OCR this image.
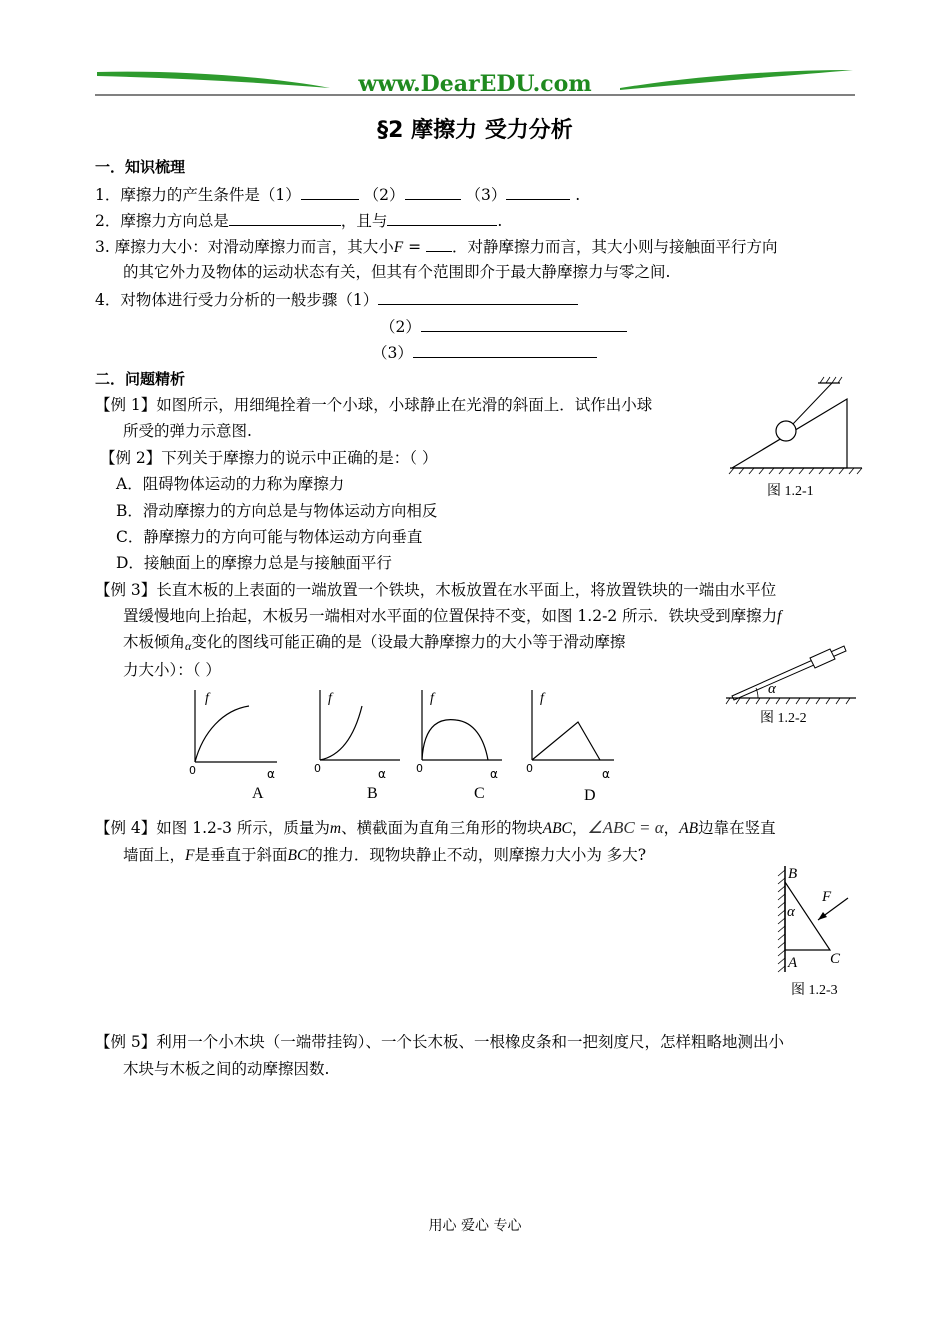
www.DearEDU.com
§2 摩擦力 受力分析
一．知识梳理
1．摩擦力的产生条件是（1）	（2）	（3）	.
2．摩擦力方向总是	，且与	.
3. 摩擦力大小：对滑动摩擦力而言，其大小F = ．对静摩擦力而言，其大小则与接触面平行方向
的其它外力及物体的运动状态有关，但其有个范围即介于最大静摩擦力与零之间.
4．对物体进行受力分析的一般步骤（1）
（2）
（3）
二．问题精析
【例 1】如图所示，用细绳拴着一个小球，小球静止在光滑的斜面上．试作出小球
所受的弹力示意图.
图 1.2-1
【例 2】下列关于摩擦力的说示中正确的是：（ ）
A．阻碍物体运动的力称为摩擦力
B．滑动摩擦力的方向总是与物体运动方向相反
C．静摩擦力的方向可能与物体运动方向垂直
D．接触面上的摩擦力总是与接触面平行
【例 3】长直木板的上表面的一端放置一个铁块，木板放置在水平面上，将放置铁块的一端由水平位
置缓慢地向上抬起，木板另一端相对水平面的位置保持不变，如图 1.2-2 所示．铁块受到摩擦力f
木板倾角α变化的图线可能正确的是（设最大静摩擦力的大小等于滑动摩擦
力大小）：（ ）
α
图 1.2-2
f
0	α
A
f
0	α
B
f
0	α
C
f
0	α
D
【例 4】如图 1.2-3 所示，质量为m、横截面为直角三角形的物块ABC，∠ABC = α，AB边靠在竖直
墙面上，F是垂直于斜面BC的推力．现物块静止不动，则摩擦力大小为 多大?
B
α
F
A C
图 1.2-3
【例 5】利用一个小木块（一端带挂钩）、一个长木板、一根橡皮条和一把刻度尺，怎样粗略地测出小
木块与木板之间的动摩擦因数.
用心 爱心 专心
